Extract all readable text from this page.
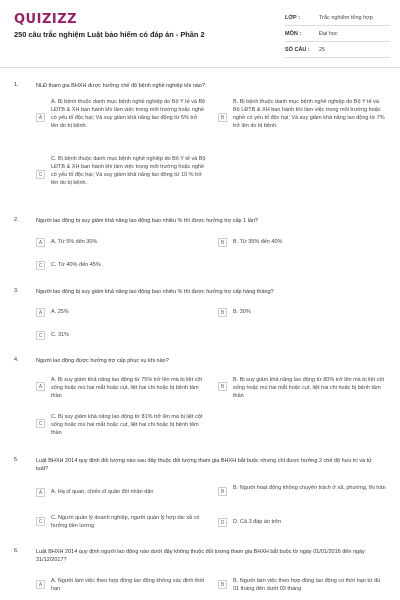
QUIZIZZ
250 câu trắc nghiệm Luật bảo hiểm có đáp án - Phần 2
LỚP :	Trắc nghiệm tổng hợp
MÔN :	Đại học
SỐ CÂU :	25
1.	NLĐ tham gia BHXH được hưởng chế độ bệnh nghề nghiệp khi nào?
A
A. Bị bệnh thuộc danh mục bệnh nghề nghiệp do Bộ Y tế và Bộ LĐTB & XH ban hành khi làm việc trong môi trường hoặc nghề có yếu tố độc hại; Và suy giảm khả năng lao động từ 5% trở lên do bị bệnh.
B
B. Bị bệnh thuộc danh mục bệnh nghề nghiệp do Bộ Y tế và Bộ LĐTB & XH ban hành khi làm việc trong môi trường hoặc nghề có yếu tố độc hại; Và suy giảm khả năng lao động từ 7% trở lên do bị bệnh.
C
C. Bị bệnh thuộc danh mục bệnh nghề nghiệp do Bộ Y tế và Bộ LĐTB & XH ban hành khi làm việc trong môi trường hoặc nghề có yếu tố độc hại; Và suy giảm khả năng lao động từ 10 % trở lên do bị bệnh.
2.	Người lao động bị suy giảm khả năng lao động bao nhiêu % thì được hưởng trợ cấp 1 lần?
A	A. Từ 5% đến 30%	B	B. Từ 35% đến 40%
C	C. Từ 40% đến 45%
3.	Người lao động bị suy giảm khả năng lao động bao nhiêu % thì được hưởng trợ cấp hàng tháng?
A	A. 25%	B	B. 30%
C	C. 31%
4.	Người lao động được hưởng trợ cấp phục vụ khi nào?
A
A. Bị suy giảm khả năng lao động từ 75% trở lên mà bị liệt cột sống hoặc mù hai mắt hoặc cụt, liệt hai chi hoặc bị bệnh tâm thần
B
B. Bị suy giảm khả năng lao động từ 80% trở lên mà bị liệt cột sống hoặc mù hai mắt hoặc cụt, liệt hai chi hoặc bị bệnh tâm thần
C
C. Bị suy giảm khả năng lao động từ 81% trở lên mà bị liệt cột sống hoặc mù hai mắt hoặc cụt, liệt hai chi hoặc bị bệnh tâm thần
5.	Luật BHXH 2014 quy định đối tượng nào sau đây thuộc đối tượng tham gia BHXH bắt buộc nhưng chỉ được hưởng 2 chế độ hưu trí và tử tuất?
A	A. Hạ sĩ quan, chiến sĩ quân đội nhân dân	B
B. Người hoạt động không chuyên trách ở xã, phường, thị trấn
C
C. Người quản lý doanh nghiệp, người quản lý hợp tác xã có hưởng tiền lương
D	D. Cả 3 đáp án trên
6.	Luật BHXH 2014 quy định người lao động nào dưới đây không thuộc đối tượng tham gia BHXH bắt buộc từ ngày 01/01/2016 đến ngày 31/12/2017?
A
A. Người làm việc theo hợp đồng lao động không xác định thời hạn
B
B. Người làm việc theo hợp đồng lao động có thời hạn từ đủ 01 tháng đến dưới 03 tháng
